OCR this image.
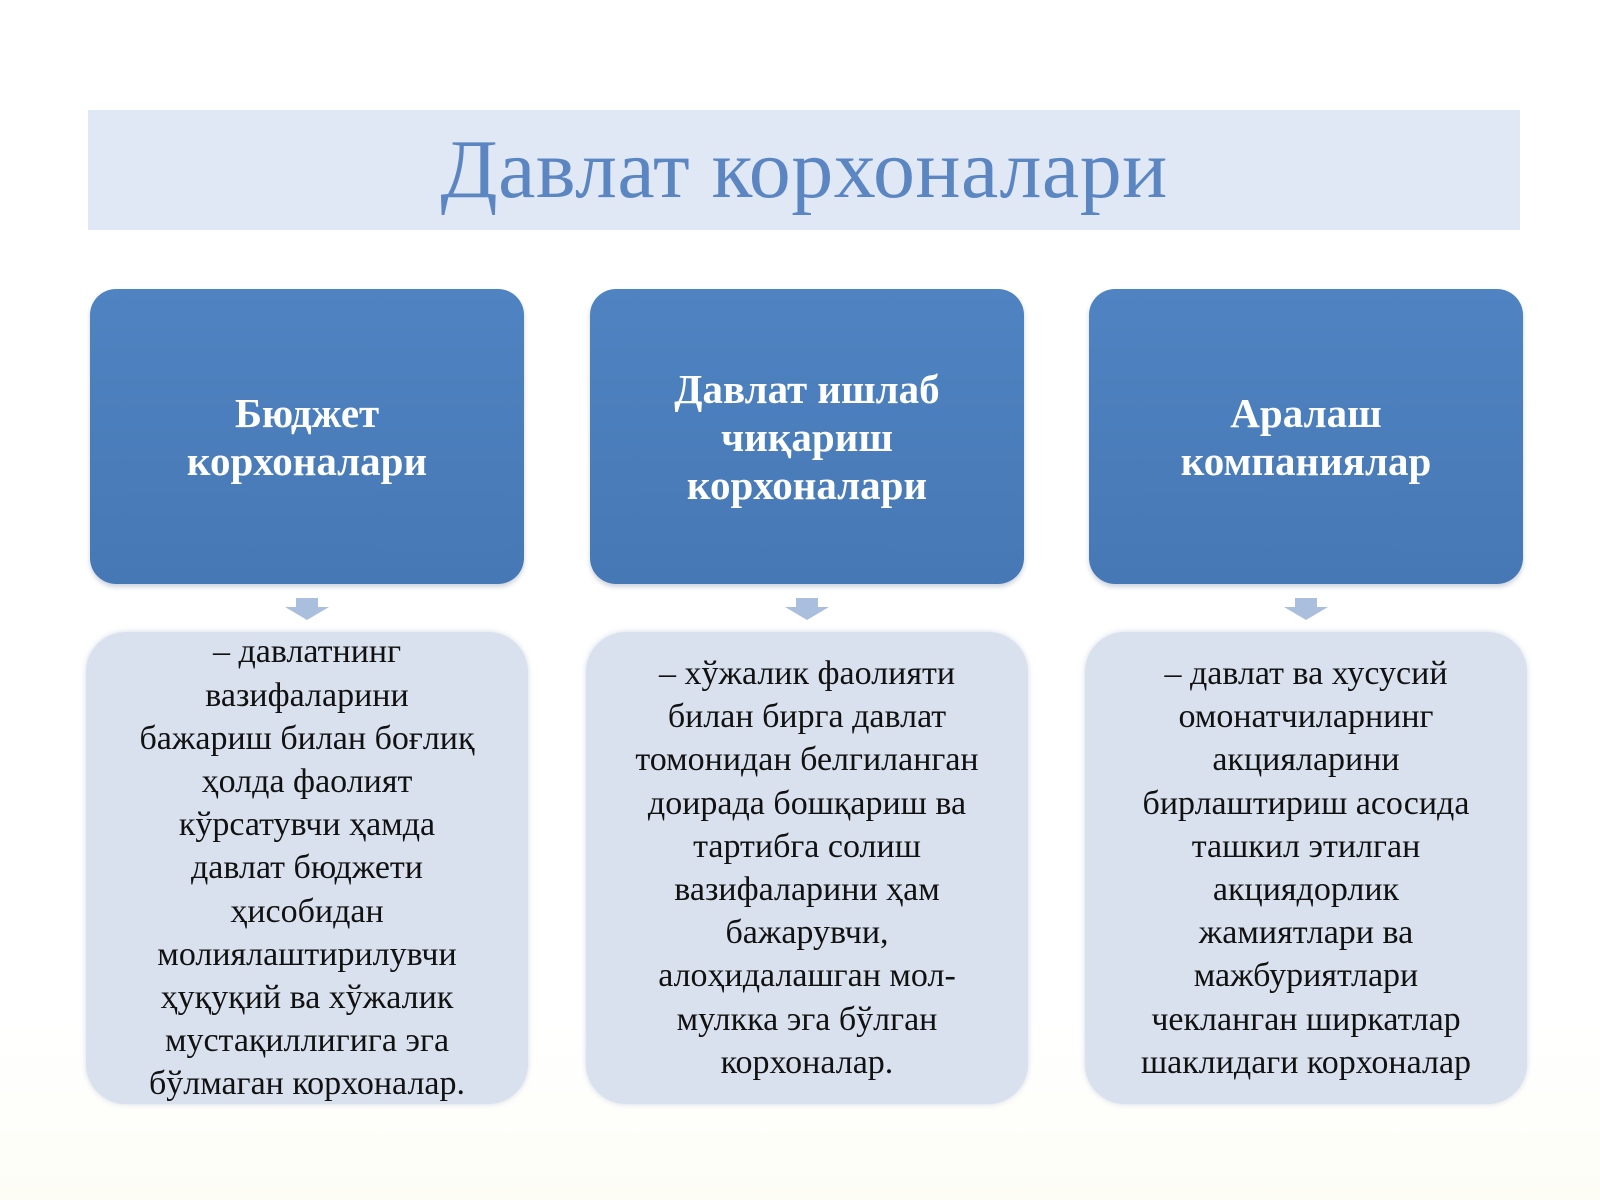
Давлат корхоналари
Бюджет
корхоналари
– давлатнинг
вазифаларини
бажариш билан боғлиқ
ҳолда фаолият
кўрсатувчи ҳамда
давлат бюджети
ҳисобидан
молиялаштирилувчи
ҳуқуқий ва хўжалик
мустақиллигига эга
бўлмаган корхоналар.
Давлат ишлаб
чиқариш
корхоналари
– хўжалик фаолияти
билан бирга давлат
томонидан белгиланган
доирада бошқариш ва
тартибга солиш
вазифаларини ҳам
бажарувчи,
алоҳидалашган мол-
мулкка эга бўлган
корхоналар.
Аралаш
компаниялар
– давлат ва хусусий
омонатчиларнинг
акцияларини
бирлаштириш асосида
ташкил этилган
акциядорлик
жамиятлари ва
мажбуриятлари
чекланган ширкатлар
шаклидаги корхоналар
